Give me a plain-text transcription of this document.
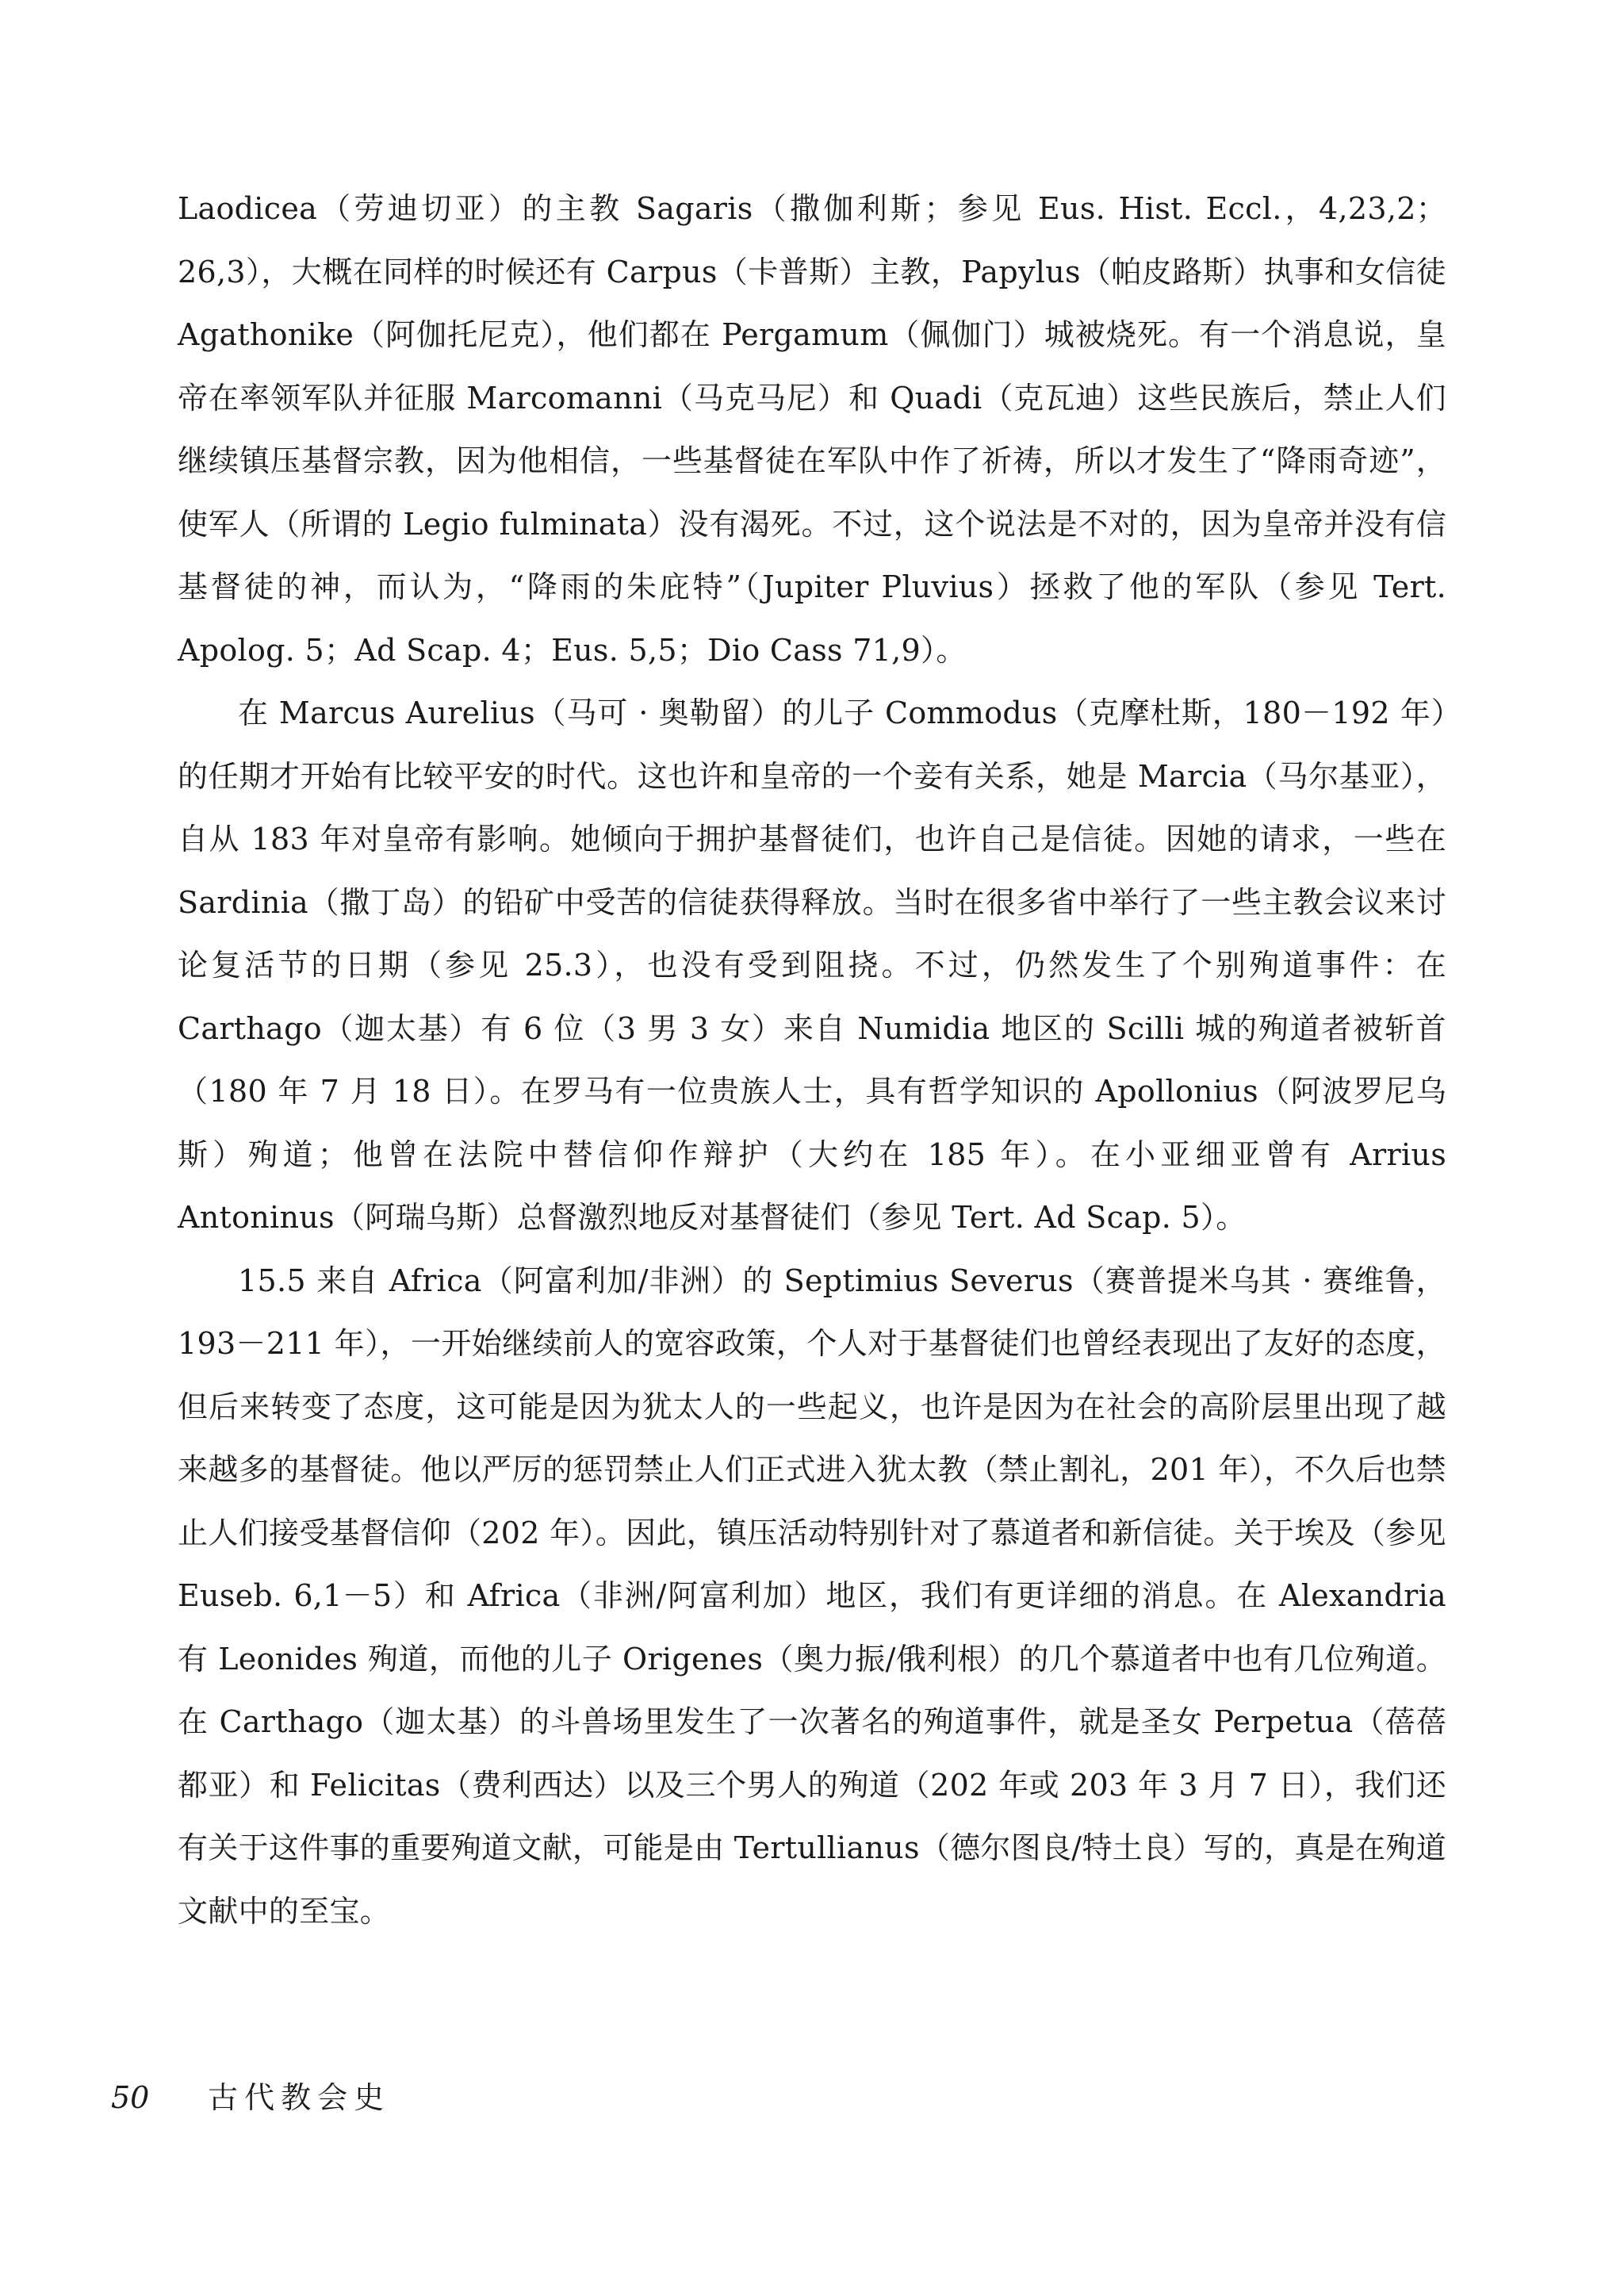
Laodicea（劳迪切亚）的主教 Sagaris（撒伽利斯；参见 Eus. Hist. Eccl.，4,23,2；26,3），大概在同样的时候还有 Carpus（卡普斯）主教，Papylus（帕皮路斯）执事和女信徒 Agathonike（阿伽托尼克），他们都在 Pergamum（佩伽门）城被烧死。有一个消息说，皇帝在率领军队并征服 Marcomanni（马克马尼）和 Quadi（克瓦迪）这些民族后，禁止人们继续镇压基督宗教，因为他相信，一些基督徒在军队中作了祈祷，所以才发生了“降雨奇迹”，使军人（所谓的 Legio fulminata）没有渴死。不过，这个说法是不对的，因为皇帝并没有信基督徒的神，而认为，“降雨的朱庇特”（Jupiter Pluvius）拯救了他的军队（参见 Tert. Apolog. 5；Ad Scap. 4；Eus. 5,5；Dio Cass 71,9）。

在 Marcus Aurelius（马可 · 奥勒留）的儿子 Commodus（克摩杜斯，180－192 年）的任期才开始有比较平安的时代。这也许和皇帝的一个妾有关系，她是 Marcia（马尔基亚），自从 183 年对皇帝有影响。她倾向于拥护基督徒们，也许自己是信徒。因她的请求，一些在 Sardinia（撒丁岛）的铅矿中受苦的信徒获得释放。当时在很多省中举行了一些主教会议来讨论复活节的日期（参见 25.3），也没有受到阻挠。不过，仍然发生了个别殉道事件：在 Carthago（迦太基）有 6 位（3 男 3 女）来自 Numidia 地区的 Scilli 城的殉道者被斩首（180 年 7 月 18 日）。在罗马有一位贵族人士，具有哲学知识的 Apollonius（阿波罗尼乌斯）殉道；他曾在法院中替信仰作辩护（大约在 185 年）。在小亚细亚曾有 Arrius Antoninus（阿瑞乌斯）总督激烈地反对基督徒们（参见 Tert. Ad Scap. 5）。

15.5 来自 Africa（阿富利加/非洲）的 Septimius Severus（赛普提米乌其 · 赛维鲁，193－211 年），一开始继续前人的宽容政策，个人对于基督徒们也曾经表现出了友好的态度，但后来转变了态度，这可能是因为犹太人的一些起义，也许是因为在社会的高阶层里出现了越来越多的基督徒。他以严厉的惩罚禁止人们正式进入犹太教（禁止割礼，201 年），不久后也禁止人们接受基督信仰（202 年）。因此，镇压活动特别针对了慕道者和新信徒。关于埃及（参见 Euseb. 6,1－5）和 Africa（非洲/阿富利加）地区，我们有更详细的消息。在 Alexandria 有 Leonides 殉道，而他的儿子 Origenes（奥力振/俄利根）的几个慕道者中也有几位殉道。在 Carthago（迦太基）的斗兽场里发生了一次著名的殉道事件，就是圣女 Perpetua（蓓蓓都亚）和 Felicitas（费利西达）以及三个男人的殉道（202 年或 203 年 3 月 7 日），我们还有关于这件事的重要殉道文献，可能是由 Tertullianus（德尔图良/特土良）写的，真是在殉道文献中的至宝。

50 古代教会史
